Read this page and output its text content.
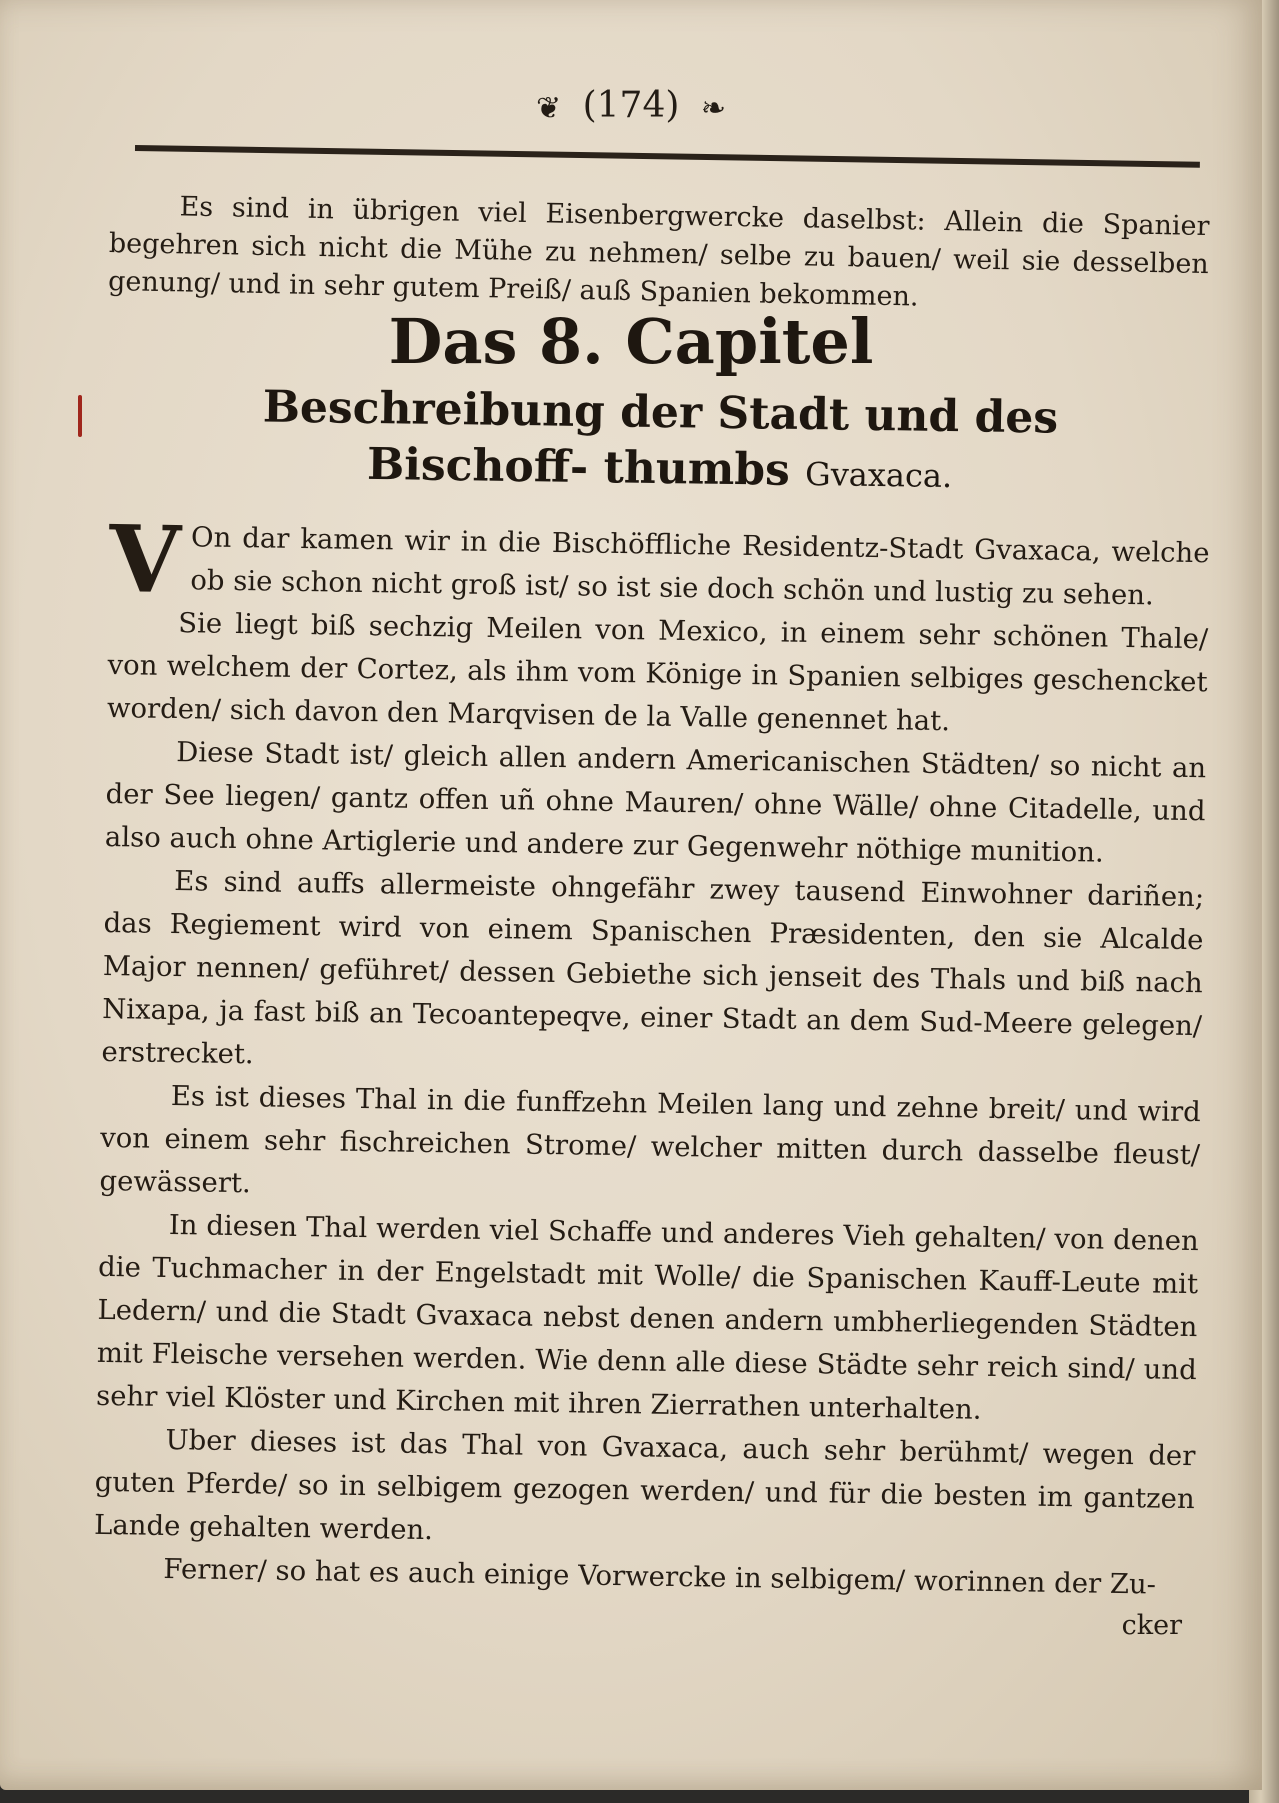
❦ (174) ❧

Es sind in übrigen viel Eisenbergwercke daselbst: Allein die Spanier begehren sich nicht die Mühe zu nehmen/ selbe zu bauen/ weil sie desselben genung/ und in sehr gutem Preiß/ auß Spanien bekommen.

Das 8. Capitel
Beschreibung der Stadt und des Bischoff- thumbs Gvaxaca.

V On dar kamen wir in die Bischöffliche Residentz-Stadt Gvaxaca, welche ob sie schon nicht groß ist/ so ist sie doch schön und lustig zu sehen.

Sie liegt biß sechzig Meilen von Mexico, in einem sehr schönen Thale/ von welchem der Cortez, als ihm vom Könige in Spanien selbiges geschencket worden/ sich davon den Marqvisen de la Valle genennet hat.

Diese Stadt ist/ gleich allen andern Americanischen Städten/ so nicht an der See liegen/ gantz offen uñ ohne Mauren/ ohne Wälle/ ohne Citadelle, und also auch ohne Artiglerie und andere zur Gegenwehr nöthige munition.

Es sind auffs allermeiste ohngefähr zwey tausend Einwohner dariñen; das Regiement wird von einem Spanischen Præsidenten, den sie Alcalde Major nennen/ geführet/ dessen Gebiethe sich jenseit des Thals und biß nach Nixapa, ja fast biß an Tecoantepeqve, einer Stadt an dem Sud-Meere gelegen/ erstrecket.

Es ist dieses Thal in die funffzehn Meilen lang und zehne breit/ und wird von einem sehr fischreichen Strome/ welcher mitten durch dasselbe fleust/ gewässert.

In diesen Thal werden viel Schaffe und anderes Vieh gehalten/ von denen die Tuchmacher in der Engelstadt mit Wolle/ die Spanischen Kauff-Leute mit Ledern/ und die Stadt Gvaxaca nebst denen andern umbherliegenden Städten mit Fleische versehen werden. Wie denn alle diese Städte sehr reich sind/ und sehr viel Klöster und Kirchen mit ihren Zierrathen unterhalten.

Uber dieses ist das Thal von Gvaxaca, auch sehr berühmt/ wegen der guten Pferde/ so in selbigem gezogen werden/ und für die besten im gantzen Lande gehalten werden.

Ferner/ so hat es auch einige Vorwercke in selbigem/ worinnen der Zu-

cker
